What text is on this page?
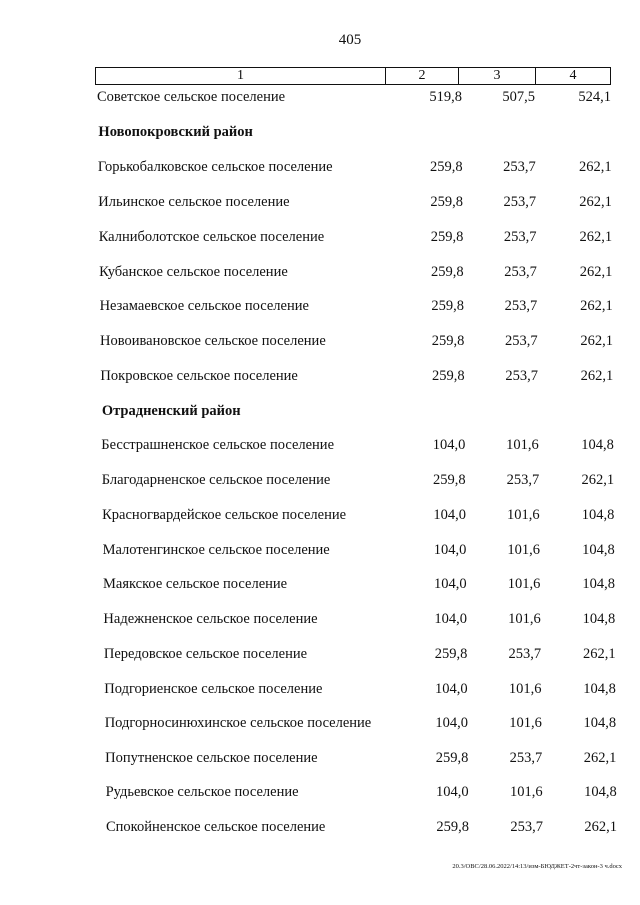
405
1	2	3	4
Советское сельское поселение	519,8	507,5	524,1
Новопокровский район
Горькобалковское сельское поселение	259,8	253,7	262,1
Ильинское сельское поселение	259,8	253,7	262,1
Калниболотское сельское поселение	259,8	253,7	262,1
Кубанское сельское поселение	259,8	253,7	262,1
Незамаевское сельское поселение	259,8	253,7	262,1
Новоивановское сельское поселение	259,8	253,7	262,1
Покровское сельское поселение	259,8	253,7	262,1
Отрадненский район
Бесстрашненское сельское поселение	104,0	101,6	104,8
Благодарненское сельское поселение	259,8	253,7	262,1
Красногвардейское сельское поселение	104,0	101,6	104,8
Малотенгинское сельское поселение	104,0	101,6	104,8
Маякское сельское поселение	104,0	101,6	104,8
Надежненское сельское поселение	104,0	101,6	104,8
Передовское сельское поселение	259,8	253,7	262,1
Подгориенское сельское поселение	104,0	101,6	104,8
Подгорносинюхинское сельское поселение	104,0	101,6	104,8
Попутненское сельское поселение	259,8	253,7	262,1
Рудьевское сельское поселение	104,0	101,6	104,8
Спокойненское сельское поселение	259,8	253,7	262,1
20.3/ОВС/28.06.2022/14:13/изм-БЮДЖЕТ-2чт-закон-3 ч.docx
